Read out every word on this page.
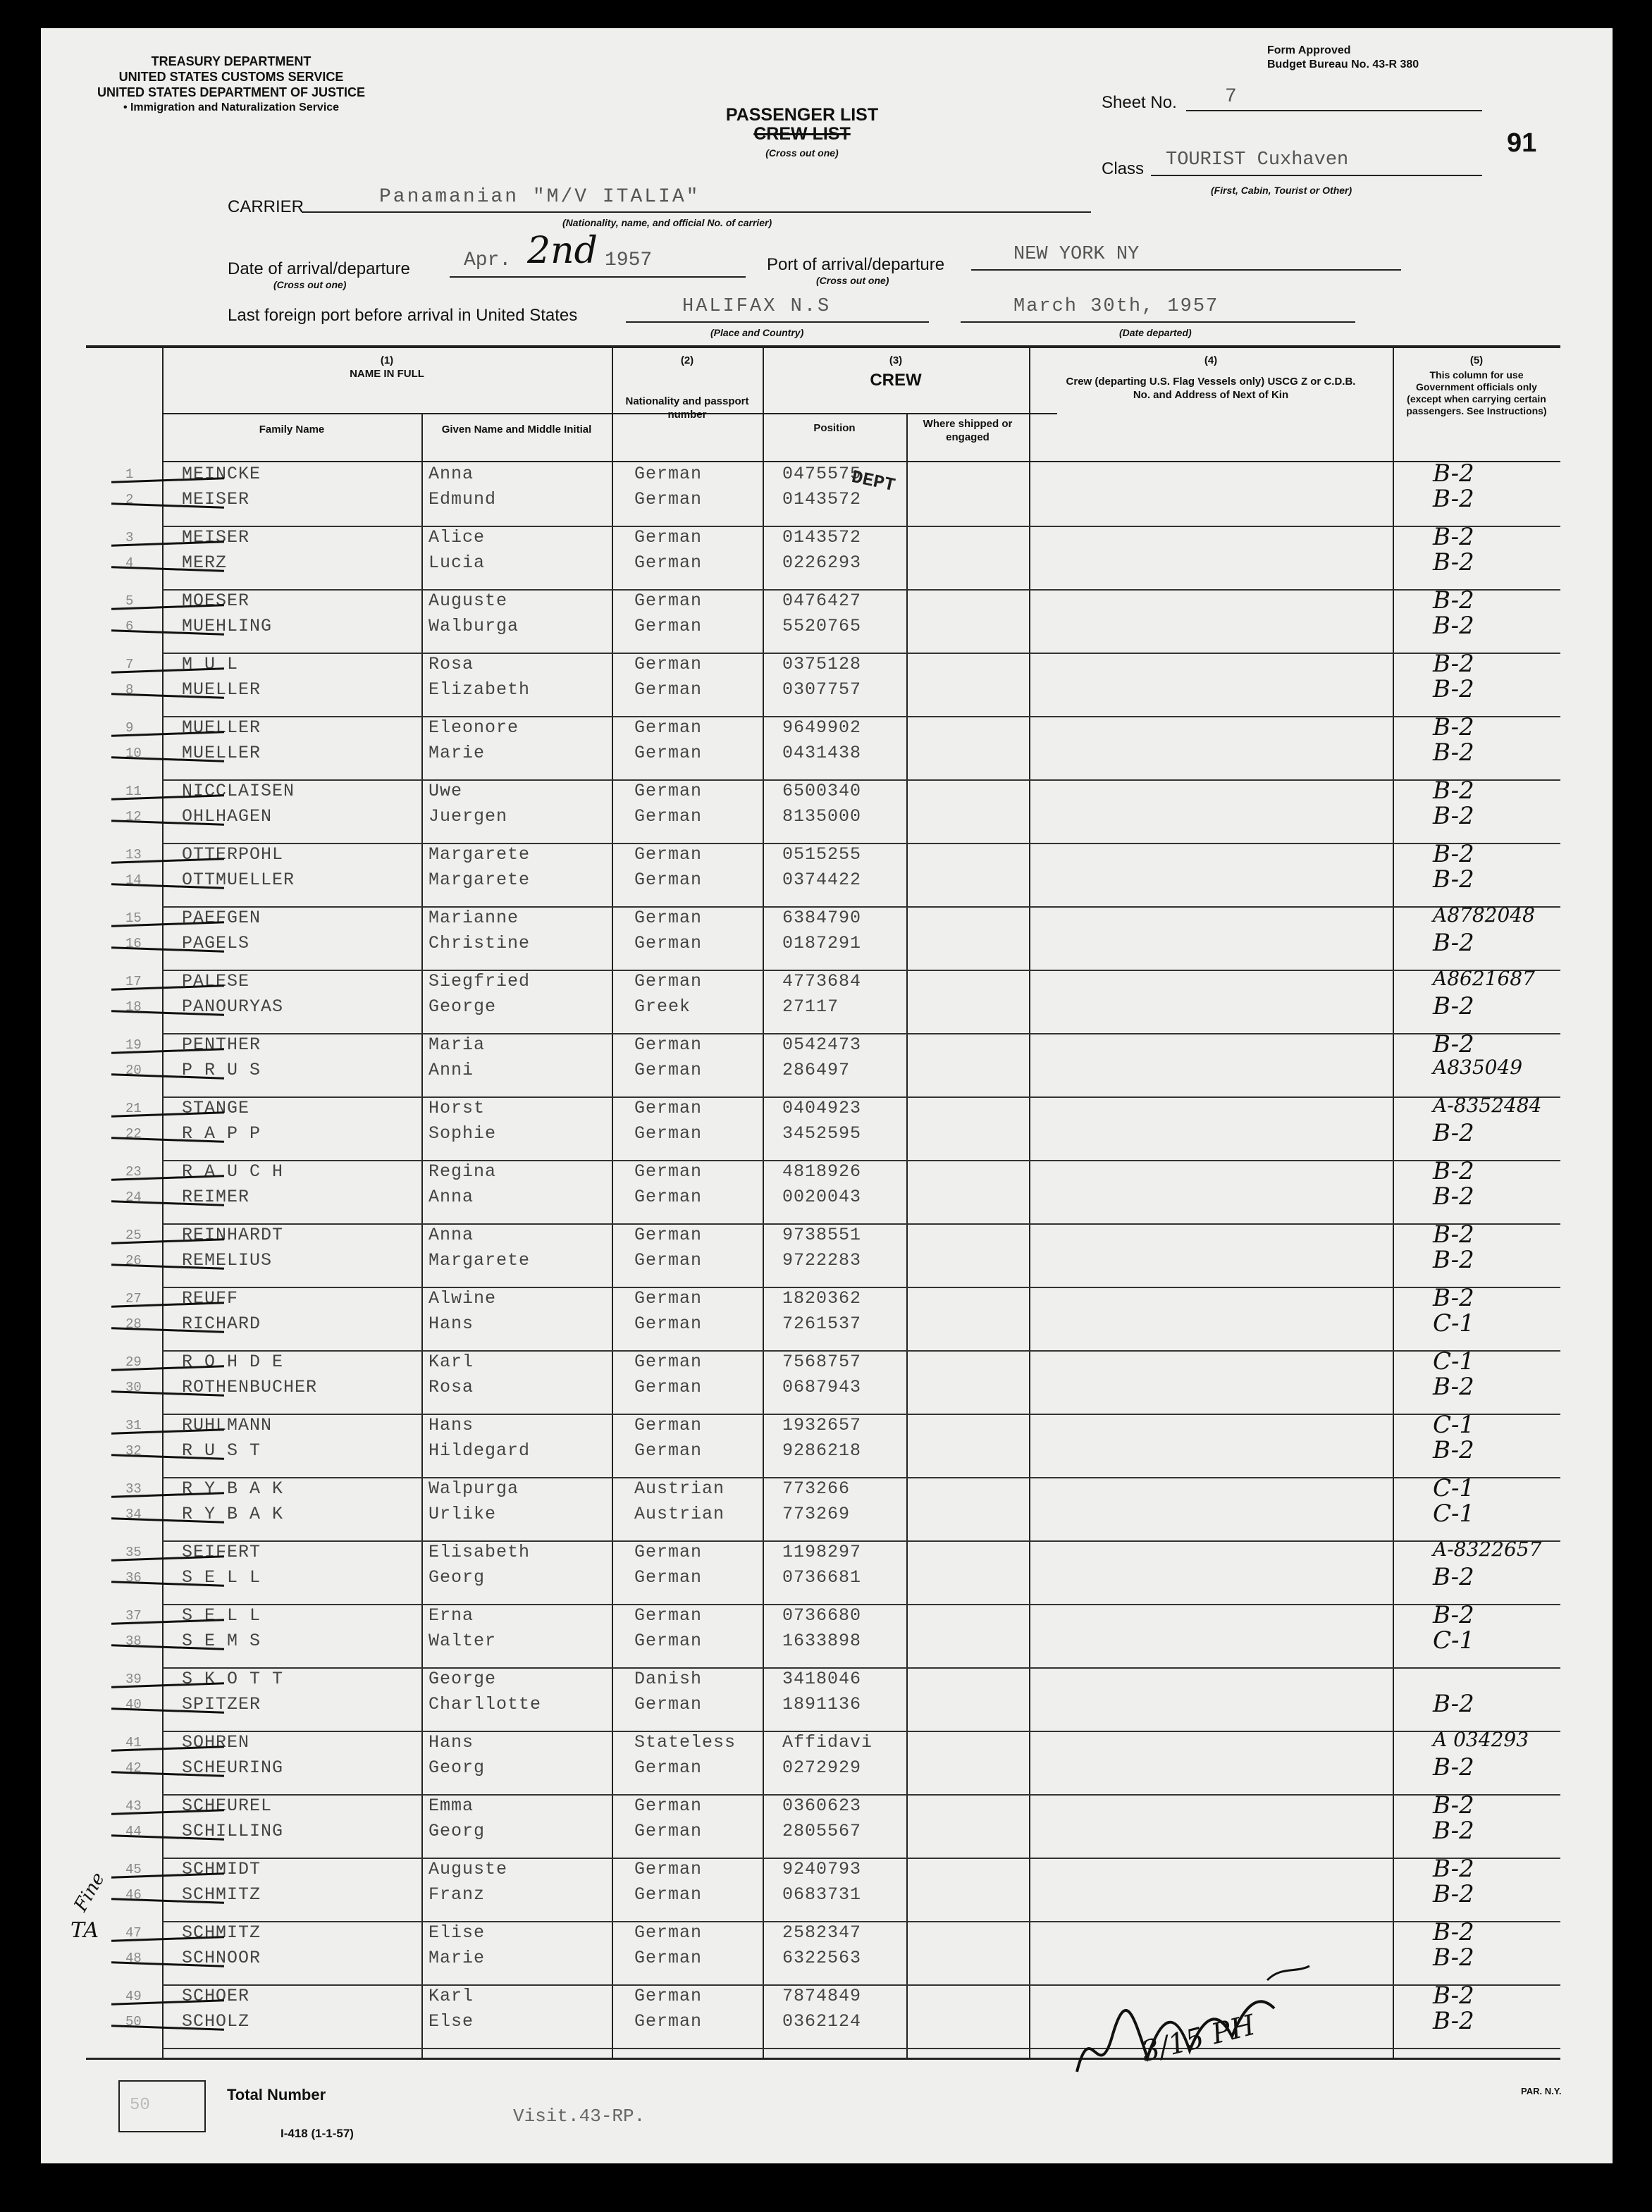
TREASURY DEPARTMENT
UNITED STATES CUSTOMS SERVICE
UNITED STATES DEPARTMENT OF JUSTICE
• Immigration and Naturalization Service
Form Approved
Budget Bureau No. 43-R 380
PASSENGER LIST
CREW LIST
(Cross out one)
Sheet No. 7
91
Class TOURIST Cuxhaven
(First, Cabin, Tourist or Other)
CARRIER	Panamanian "M/V ITALIA"
(Nationality, name, and official No. of carrier)
Date of arrival/departure
(Cross out one)
Apr. 2nd 1957	Port of arrival/departure
(Cross out one)
NEW YORK NY
Last foreign port before arrival in United States	HALIFAX N.S
(Place and Country)
March 30th, 1957
(Date departed)
(1)
NAME IN FULL
Family Name	Given Name and Middle Initial
(2)
Nationality and passport number
(3)
CREW
Position	Where shipped or engaged
(4)
Crew (departing U.S. Flag Vessels only) USCG Z or C.D.B. No. and Address of Next of Kin
(5)
This column for use Government officials only (except when carrying certain passengers. See Instructions)
1	MEINCKE	Anna	German	0475575	B-2
2	MEISER	Edmund	German	0143572	B-2
3	MEISER	Alice	German	0143572	B-2
4	MERZ	Lucia	German	0226293	B-2
5	MOESER	Auguste	German	0476427	B-2
6	MUEHLING	Walburga	German	5520765	B-2
7	M U L	Rosa	German	0375128	B-2
8	MUELLER	Elizabeth	German	0307757	B-2
9	MUELLER	Eleonore	German	9649902	B-2
10 MUELLER	Marie	German	0431438	B-2
11 NICCLAISEN	Uwe	German	6500340	B-2
12 OHLHAGEN	Juergen	German	8135000	B-2
13 OTTERPOHL	Margarete	German	0515255	B-2
14 OTTMUELLER	Margarete	German	0374422	B-2
15 PAEFGEN	Marianne	German	6384790	A8782048
16 PAGELS	Christine	German	0187291	B-2
17 PALESE	Siegfried	German	4773684	A8621687
18 PANOURYAS	George	Greek	27117	B-2
19 PENTHER	Maria	German	0542473	B-2
20 P R U S	Anni	German	286497	A835049
21 STANGE	Horst	German	0404923	A-8352484
22 R A P P	Sophie	German	3452595	B-2
23 R A U C H	Regina	German	4818926	B-2
24 REIMER	Anna	German	0020043	B-2
25 REINHARDT	Anna	German	9738551	B-2
26 REMELIUS	Margarete	German	9722283	B-2
27 REUFF	Alwine	German	1820362	B-2
28 RICHARD	Hans	German	7261537	C-1
29 R O H D E	Karl	German	7568757	C-1
30 ROTHENBUCHER	Rosa	German	0687943	B-2
31 RUHLMANN	Hans	German	1932657	C-1
32 R U S T	Hildegard	German	9286218	B-2
33 R Y B A K	Walpurga	Austrian	773266	C-1
34 R Y B A K	Urlike	Austrian	773269	C-1
35 SEIFERT	Elisabeth	German	1198297	A-8322657
36 S E L L	Georg	German	0736681	B-2
37 S E L L	Erna	German	0736680	B-2
38 S E M S	Walter	German	1633898	C-1
39 S K O T T	George	Danish	3418046
40 SPITZER	Charllotte	German	1891136	B-2
41 SOHREN	Hans	Stateless	Affidavi	A 034293
42 SCHEURING	Georg	German	0272929	B-2
43 SCHEUREL	Emma	German	0360623	B-2
44 SCHILLING	Georg	German	2805567	B-2
45 SCHMIDT	Auguste	German	9240793	B-2
46 SCHMITZ	Franz	German	0683731	B-2
47 SCHMITZ	Elise	German	2582347	B-2
48 SCHNOOR	Marie	German	6322563	B-2
49 SCHOER	Karl	German	7874849	B-2
50 SCHOLZ	Else	German	0362124	B-2
DEPT
Fine
TA
3/15 PH
50
Total Number
I-418 (1-1-57)
Visit.43-RP.
PAR. N.Y.
